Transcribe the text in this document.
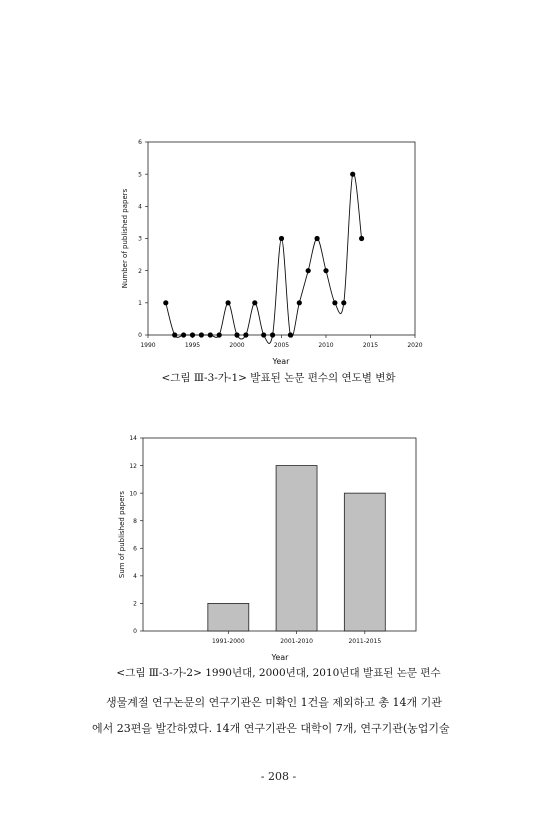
0
1
2
3
4
5
6
1990	1995	2000	2005	2010	2015	2020
Number of published papers
Year
<그림 Ⅲ-3-가-1> 발표된 논문 편수의 연도별 변화
0
2
4
6
8
10
12
14
1991-2000	2001-2010	2011-2015
Sum of published papers
Year
<그림 Ⅲ-3-가-2> 1990년대, 2000년대, 2010년대 발표된 논문 편수
생물계절 연구논문의 연구기관은 미확인 1건을 제외하고 총 14개 기관
에서 23편을 발간하였다. 14개 연구기관은 대학이 7개, 연구기관(농업기술
- 208 -
